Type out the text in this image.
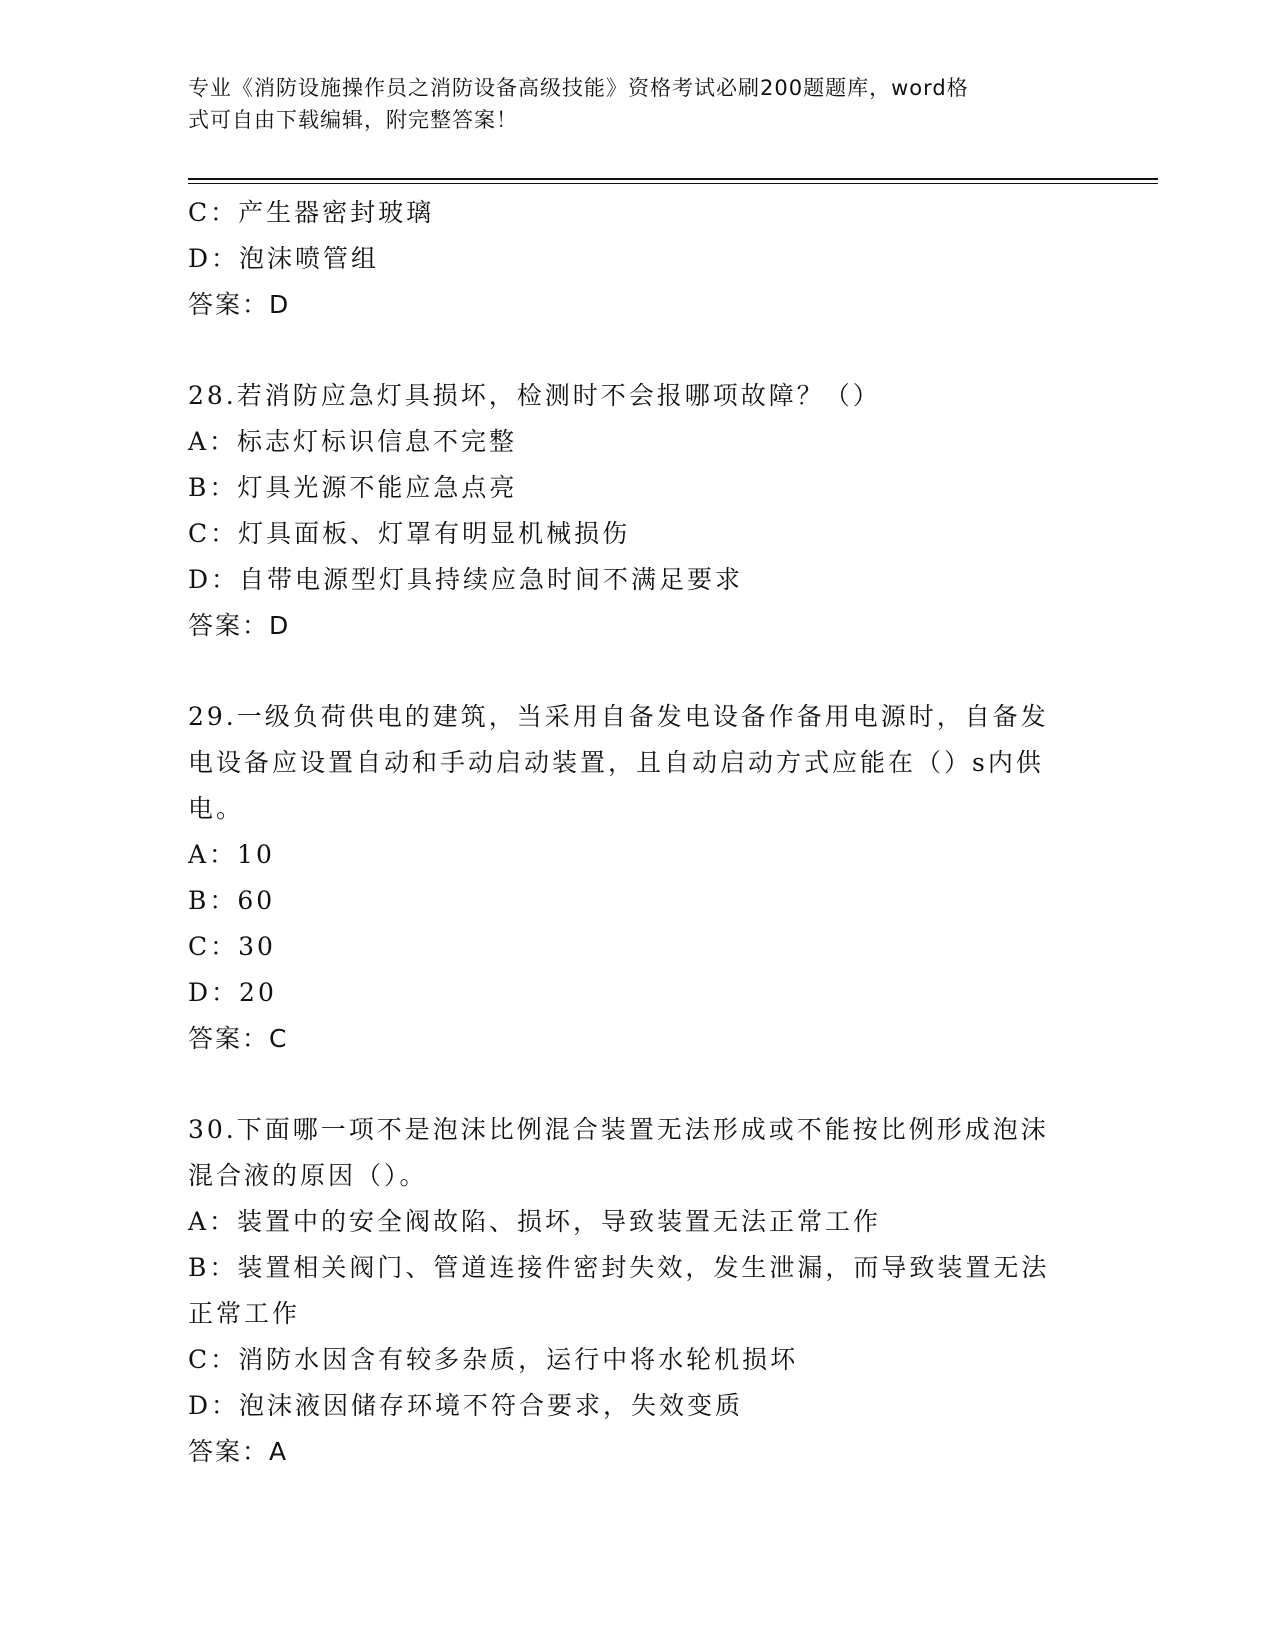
专业《消防设施操作员之消防设备高级技能》资格考试必刷200题题库，word格
式可自由下载编辑，附完整答案！
C：产生器密封玻璃
D：泡沫喷管组
答案：D
28.若消防应急灯具损坏，检测时不会报哪项故障？（）
A：标志灯标识信息不完整
B：灯具光源不能应急点亮
C：灯具面板、灯罩有明显机械损伤
D：自带电源型灯具持续应急时间不满足要求
答案：D
29.一级负荷供电的建筑，当采用自备发电设备作备用电源时，自备发
电设备应设置自动和手动启动装置，且自动启动方式应能在（）s内供
电。
A：10
B：60
C：30
D：20
答案：C
30.下面哪一项不是泡沫比例混合装置无法形成或不能按比例形成泡沫
混合液的原因（）。
A：装置中的安全阀故陷、损坏，导致装置无法正常工作
B：装置相关阀门、管道连接件密封失效，发生泄漏，而导致装置无法
正常工作
C：消防水因含有较多杂质，运行中将水轮机损坏
D：泡沫液因储存环境不符合要求，失效变质
答案：A
